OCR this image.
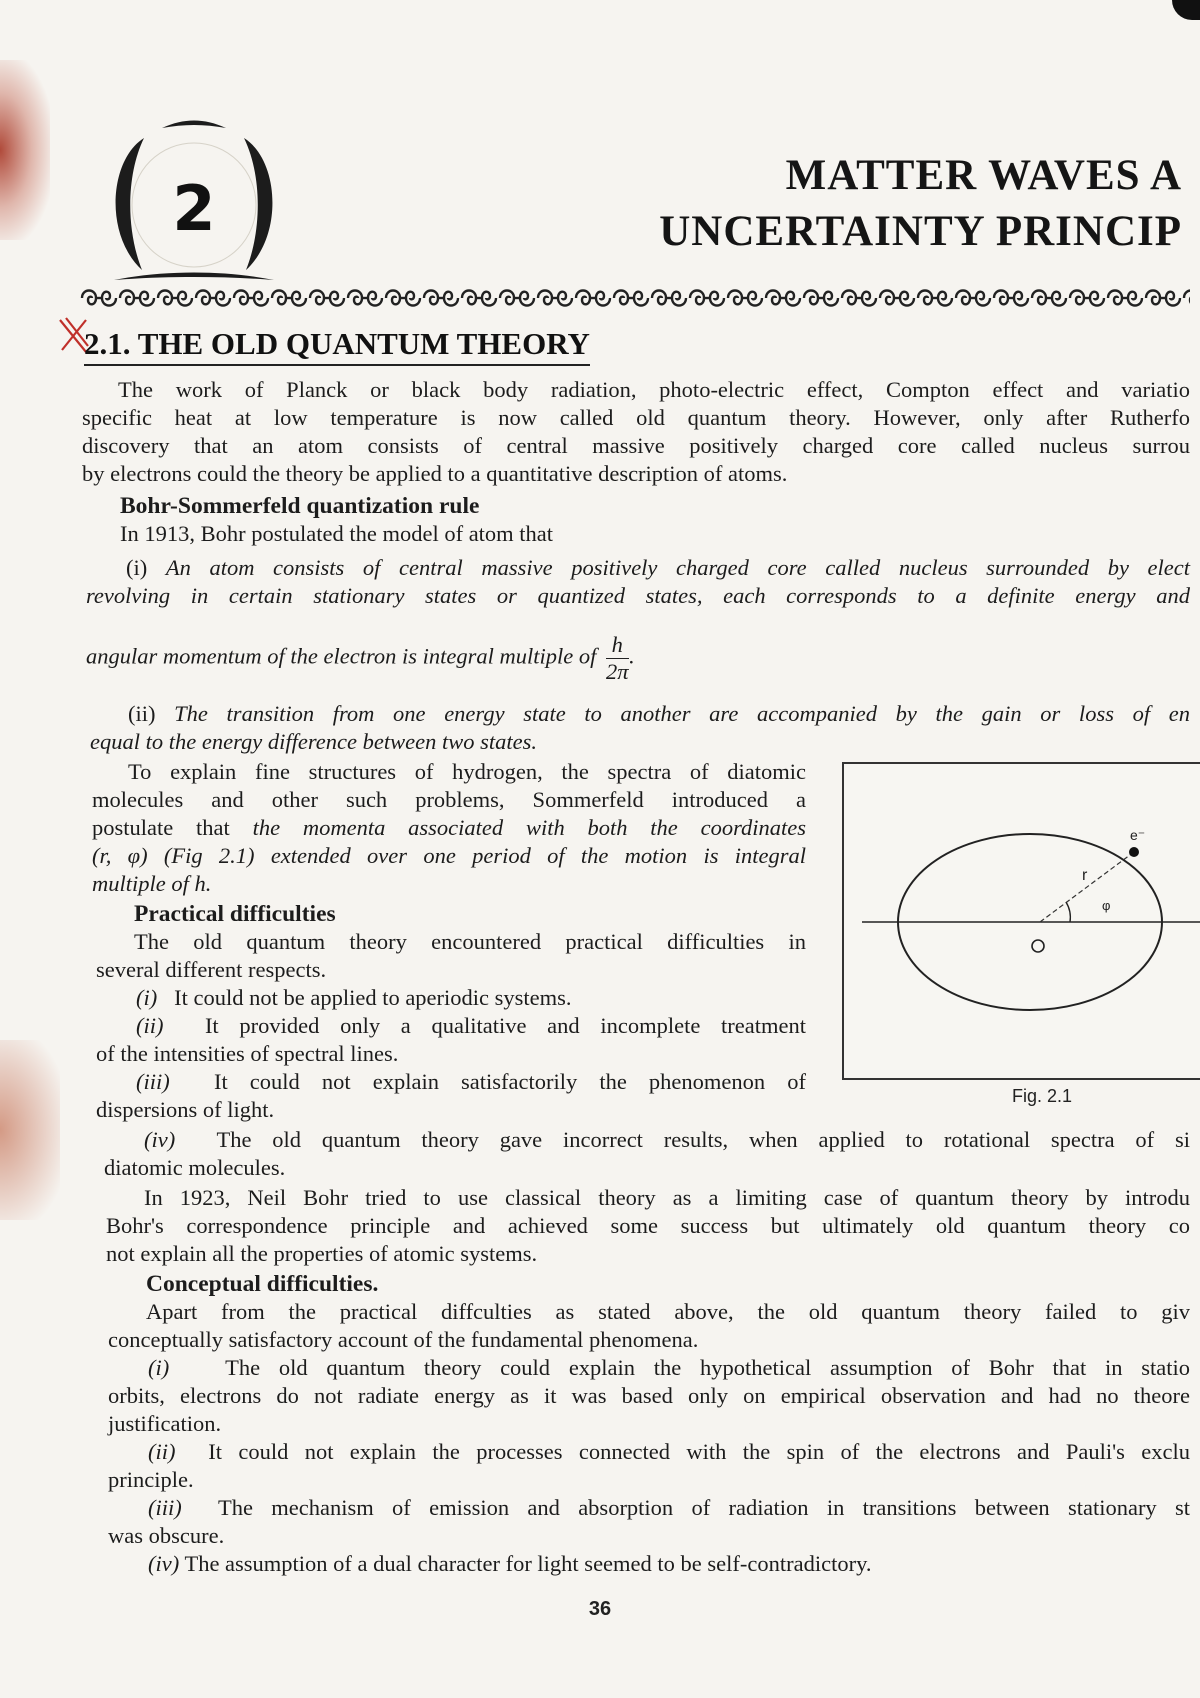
2	MATTER WAVES A
UNCERTAINTY PRINCIP
2.1. THE OLD QUANTUM THEORY

The work of Planck or black body radiation, photo-electric effect, Compton effect and variatio

specific heat at low temperature is now called old quantum theory. However, only after Rutherfo

discovery that an atom consists of central massive positively charged core called nucleus surrou

by electrons could the theory be applied to a quantitative description of atoms.

Bohr-Sommerfeld quantization rule

In 1913, Bohr postulated the model of atom that

(i) An atom consists of central massive positively charged core called nucleus surrounded by elect

revolving in certain stationary states or quantized states, each corresponds to a definite energy and

angular momentum of the electron is integral multiple of $\frac{h}{2\pi}$ .

(ii) The transition from one energy state to another are accompanied by the gain or loss of en

equal to the energy difference between two states.

To explain fine structures of hydrogen, the spectra of diatomic

molecules and other such problems, Sommerfeld introduced a

postulate that the momenta associated with both the coordinates

(r, φ) (Fig 2.1) extended over one period of the motion is integral

multiple of h.

Practical difficulties

The old quantum theory encountered practical difficulties in

several different respects.

(i) It could not be applied to aperiodic systems.

(ii) It provided only a qualitative and incomplete treatment

of the intensities of spectral lines.

(iii) It could not explain satisfactorily the phenomenon of

dispersions of light.

e⁻
r
φ
Fig. 2.1

(iv) The old quantum theory gave incorrect results, when applied to rotational spectra of si

diatomic molecules.

In 1923, Neil Bohr tried to use classical theory as a limiting case of quantum theory by introdu

Bohr's correspondence principle and achieved some success but ultimately old quantum theory co

not explain all the properties of atomic systems.

Conceptual difficulties.

Apart from the practical diffculties as stated above, the old quantum theory failed to giv

conceptually satisfactory account of the fundamental phenomena.

(i) The old quantum theory could explain the hypothetical assumption of Bohr that in statio

orbits, electrons do not radiate energy as it was based only on empirical observation and had no theore

justification.

(ii) It could not explain the processes connected with the spin of the electrons and Pauli's exclu

principle.

(iii) The mechanism of emission and absorption of radiation in transitions between stationary st

was obscure.

(iv) The assumption of a dual character for light seemed to be self-contradictory.

36
